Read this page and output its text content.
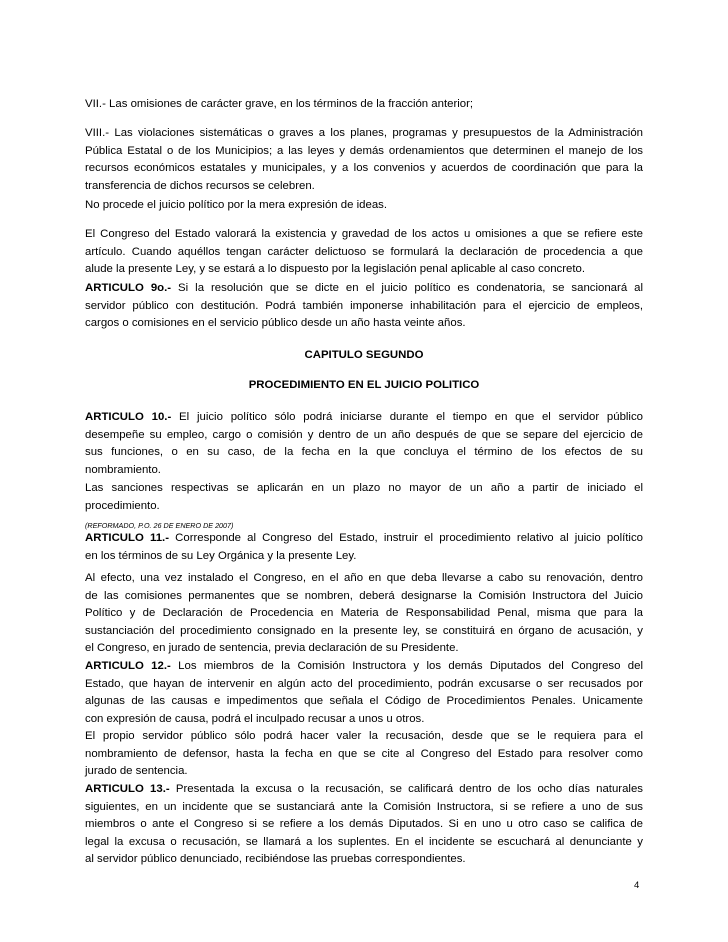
VII.- Las omisiones de carácter grave, en los términos de la fracción anterior;
VIII.- Las violaciones sistemáticas o graves a los planes, programas y presupuestos de la Administración
Pública Estatal o de los Municipios; a las leyes y demás ordenamientos que determinen el manejo de los
recursos económicos estatales y municipales, y a los convenios y acuerdos de coordinación que para la
transferencia de dichos recursos se celebren.
No procede el juicio político por la mera expresión de ideas.
El Congreso del Estado valorará la existencia y gravedad de los actos u omisiones a que se refiere este
artículo. Cuando aquéllos tengan carácter delictuoso se formulará la declaración de procedencia a que
alude la presente Ley, y se estará a lo dispuesto por la legislación penal aplicable al caso concreto.
ARTICULO 9o.- Si la resolución que se dicte en el juicio político es condenatoria, se sancionará al
servidor público con destitución. Podrá también imponerse inhabilitación para el ejercicio de empleos,
cargos o comisiones en el servicio público desde un año hasta veinte años.
CAPITULO SEGUNDO
PROCEDIMIENTO EN EL JUICIO POLITICO
ARTICULO 10.- El juicio político sólo podrá iniciarse durante el tiempo en que el servidor público
desempeñe su empleo, cargo o comisión y dentro de un año después de que se separe del ejercicio de
sus funciones, o en su caso, de la fecha en la que concluya el término de los efectos de su
nombramiento.
Las sanciones respectivas se aplicarán en un plazo no mayor de un año a partir de iniciado el
procedimiento.
(REFORMADO, P.O. 26 DE ENERO DE 2007)
ARTICULO 11.- Corresponde al Congreso del Estado, instruir el procedimiento relativo al juicio político
en los términos de su Ley Orgánica y la presente Ley.
Al efecto, una vez instalado el Congreso, en el año en que deba llevarse a cabo su renovación, dentro
de las comisiones permanentes que se nombren, deberá designarse la Comisión Instructora del Juicio
Político y de Declaración de Procedencia en Materia de Responsabilidad Penal, misma que para la
sustanciación del procedimiento consignado en la presente ley, se constituirá en órgano de acusación, y
el Congreso, en jurado de sentencia, previa declaración de su Presidente.
ARTICULO 12.- Los miembros de la Comisión Instructora y los demás Diputados del Congreso del
Estado, que hayan de intervenir en algún acto del procedimiento, podrán excusarse o ser recusados por
algunas de las causas e impedimentos que señala el Código de Procedimientos Penales. Unicamente
con expresión de causa, podrá el inculpado recusar a unos u otros.
El propio servidor público sólo podrá hacer valer la recusación, desde que se le requiera para el
nombramiento de defensor, hasta la fecha en que se cite al Congreso del Estado para resolver como
jurado de sentencia.
ARTICULO 13.- Presentada la excusa o la recusación, se calificará dentro de los ocho días naturales
siguientes, en un incidente que se sustanciará ante la Comisión Instructora, si se refiere a uno de sus
miembros o ante el Congreso si se refiere a los demás Diputados. Si en uno u otro caso se califica de
legal la excusa o recusación, se llamará a los suplentes. En el incidente se escuchará al denunciante y
al servidor público denunciado, recibiéndose las pruebas correspondientes.
4
